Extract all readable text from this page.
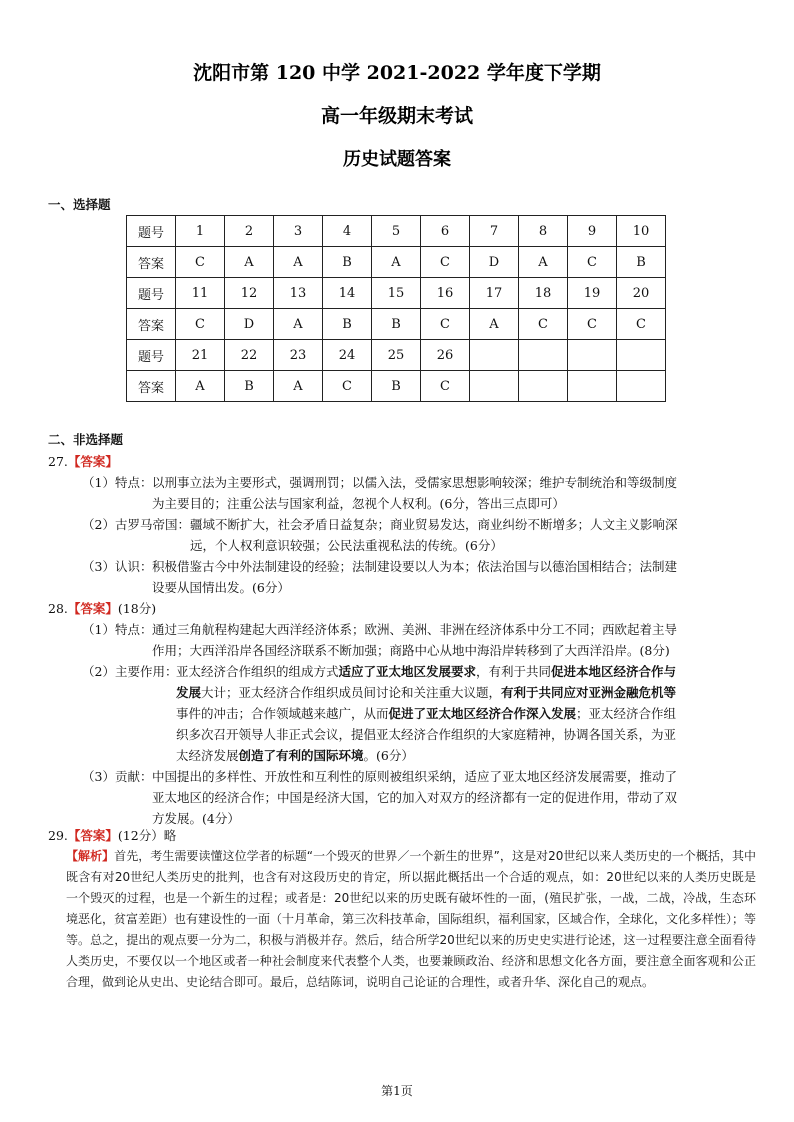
沈阳市第 120 中学 2021-2022 学年度下学期
高一年级期末考试
历史试题答案
一、选择题
题号	1	2	3	4	5	6	7	8	9	10
答案	C	A	A	B	A	C	D	A	C	B
题号	11	12	13	14	15	16	17	18	19	20
答案	C	D	A	B	B	C	A	C	C	C
题号	21	22	23	24	25	26				
答案	A	B	A	C	B	C				
二、非选择题
27.【答案】
（1）特点： 以刑事立法为主要形式，强调刑罚；以儒入法，受儒家思想影响较深；维护专制统治和等级制度
为主要目的；注重公法与国家利益，忽视个人权利。(6分，答出三点即可）
（2）古罗马帝国： 疆域不断扩大，社会矛盾日益复杂；商业贸易发达，商业纠纷不断增多；人文主义影响深
远，个人权利意识较强；公民法重视私法的传统。(6分）
（3）认识： 积极借鉴古今中外法制建设的经验；法制建设要以人为本；依法治国与以德治国相结合；法制建
设要从国情出发。(6分）
28.【答案】(18分)
（1）特点： 通过三角航程构建起大西洋经济体系；欧洲、美洲、非洲在经济体系中分工不同；西欧起着主导
作用；大西洋沿岸各国经济联系不断加强；商路中心从地中海沿岸转移到了大西洋沿岸。(8分)
（2）主要作用：
亚太经济合作组织的组成方式适应了亚太地区发展要求，有利于共同促进本地区经济合作与
发展大计；亚太经济合作组织成员间讨论和关注重大议题，有利于共同应对亚洲金融危机等
事件的冲击；合作领域越来越广，从而促进了亚太地区经济合作深入发展；亚太经济合作组
织多次召开领导人非正式会议，提倡亚太经济合作组织的大家庭精神，协调各国关系，为亚
太经济发展创造了有利的国际环境。(6分）
（3）贡献： 中国提出的多样性、开放性和互利性的原则被组织采纳，适应了亚太地区经济发展需要，推动了
亚太地区的经济合作；中国是经济大国，它的加入对双方的经济都有一定的促进作用，带动了双
方发展。(4分）
29.【答案】(12分）略
【解析】首先，考生需要读懂这位学者的标题“一个毁灭的世界／一个新生的世界”，这是对20世纪以来人类历史的一个概括，其中既含有对20世纪人类历史的批判，也含有对这段历史的肯定，所以据此概括出一个合适的观点，如：20世纪以来的人类历史既是一个毁灭的过程，也是一个新生的过程；或者是：20世纪以来的历史既有破坏性的一面，(殖民扩张，一战，二战，冷战，生态环境恶化，贫富差距）也有建设性的一面（十月革命，第三次科技革命，国际组织，福利国家，区域合作，全球化，文化多样性）；等等。总之，提出的观点要一分为二，积极与消极并存。然后，结合所学20世纪以来的历史史实进行论述，这一过程要注意全面看待人类历史，不要仅以一个地区或者一种社会制度来代表整个人类，也要兼顾政治、经济和思想文化各方面，要注意全面客观和公正合理，做到论从史出、史论结合即可。最后，总结陈词，说明自己论证的合理性，或者升华、深化自己的观点。
第1页
